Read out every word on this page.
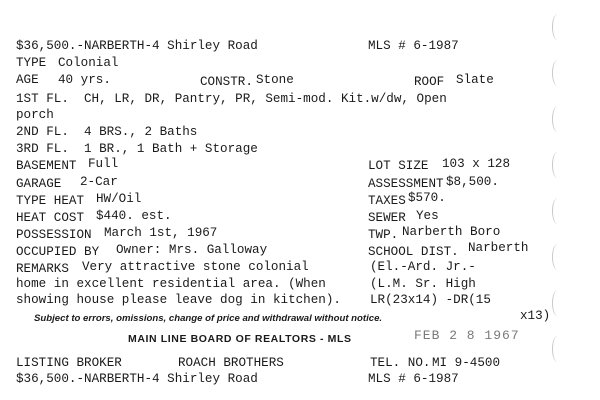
$36,500.-NARBERTH-4 Shirley Road	MLS # 6-1987
TYPE Colonial
AGE 40 yrs.	CONSTR. Stone	ROOF Slate
1ST FL. CH, LR, DR, Pantry, PR, Semi-mod. Kit.w/dw, Open
porch
2ND FL. 4 BRS., 2 Baths
3RD FL. 1 BR., 1 Bath + Storage
BASEMENT Full	LOT SIZE 103 x 128
GARAGE 2-Car	ASSESSMENT $8,500.
TYPE HEAT HW/Oil	TAXES $570.
HEAT COST $440. est.	SEWER Yes
POSSESSION March 1st, 1967	TWP. Narberth Boro
OCCUPIED BY Owner: Mrs. Galloway	SCHOOL DIST. Narberth
REMARKS Very attractive stone colonial	(El.-Ard. Jr.-
home in excellent residential area. (When	(L.M. Sr. High
showing house please leave dog in kitchen). LR(23x14) -DR(15
Subject to errors, omissions, change of price and withdrawal without notice.	x13)
MAIN LINE BOARD OF REALTORS - MLS	FEB 2 8 1967
LISTING BROKER	ROACH BROTHERS	TEL. NO. MI 9-4500
$36,500.-NARBERTH-4 Shirley Road	MLS # 6-1987
